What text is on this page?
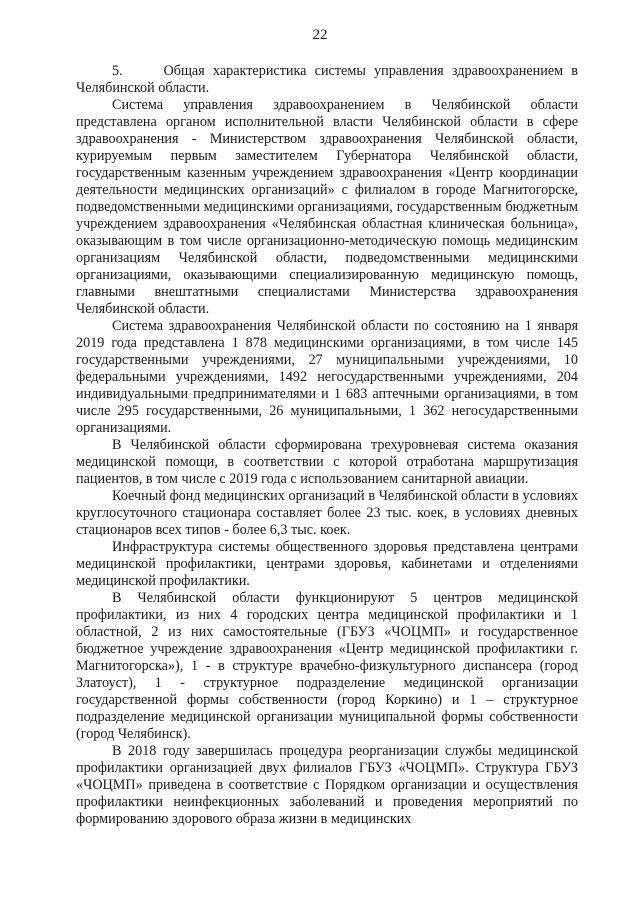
22

5.     Общая характеристика системы управления здравоохранением в Челябинской области.

Система управления здравоохранением в Челябинской области представлена органом исполнительной власти Челябинской области в сфере здравоохранения - Министерством здравоохранения Челябинской области, курируемым первым заместителем Губернатора Челябинской области, государственным казенным учреждением здравоохранения «Центр координации деятельности медицинских организаций» с филиалом в городе Магнитогорске, подведомственными медицинскими организациями, государственным бюджетным учреждением здравоохранения «Челябинская областная клиническая больница», оказывающим в том числе организационно-методическую помощь медицинским организациям Челябинской области, подведомственными медицинскими организациями, оказывающими специализированную медицинскую помощь, главными внештатными специалистами Министерства здравоохранения Челябинской области.

Система здравоохранения Челябинской области по состоянию на 1 января 2019 года представлена 1 878 медицинскими организациями, в том числе 145 государственными учреждениями, 27 муниципальными учреждениями, 10 федеральными учреждениями, 1492 негосударственными учреждениями, 204 индивидуальными предпринимателями и 1 683 аптечными организациями, в том числе 295 государственными, 26 муниципальными, 1 362 негосударственными организациями.

В Челябинской области сформирована трехуровневая система оказания медицинской помощи, в соответствии с которой отработана маршрутизация пациентов, в том числе с 2019 года с использованием санитарной авиации.

Коечный фонд медицинских организаций в Челябинской области в условиях круглосуточного стационара составляет более 23 тыс. коек, в условиях дневных стационаров всех типов - более 6,3 тыс. коек.

Инфраструктура системы общественного здоровья представлена центрами медицинской профилактики, центрами здоровья, кабинетами и отделениями медицинской профилактики.

В Челябинской области функционируют 5 центров медицинской профилактики, из них 4 городских центра медицинской профилактики и 1 областной, 2 из них самостоятельные (ГБУЗ «ЧОЦМП» и государственное бюджетное учреждение здравоохранения «Центр медицинской профилактики г. Магнитогорска»), 1 - в структуре врачебно-физкультурного диспансера (город Златоуст), 1 - структурное подразделение медицинской организации государственной формы собственности (город Коркино) и 1 – структурное подразделение медицинской организации муниципальной формы собственности (город Челябинск).

В 2018 году завершилась процедура реорганизации службы медицинской профилактики организацией двух филиалов ГБУЗ «ЧОЦМП». Структура ГБУЗ «ЧОЦМП» приведена в соответствие с Порядком организации и осуществления профилактики неинфекционных заболеваний и проведения мероприятий по формированию здорового образа жизни в медицинских
